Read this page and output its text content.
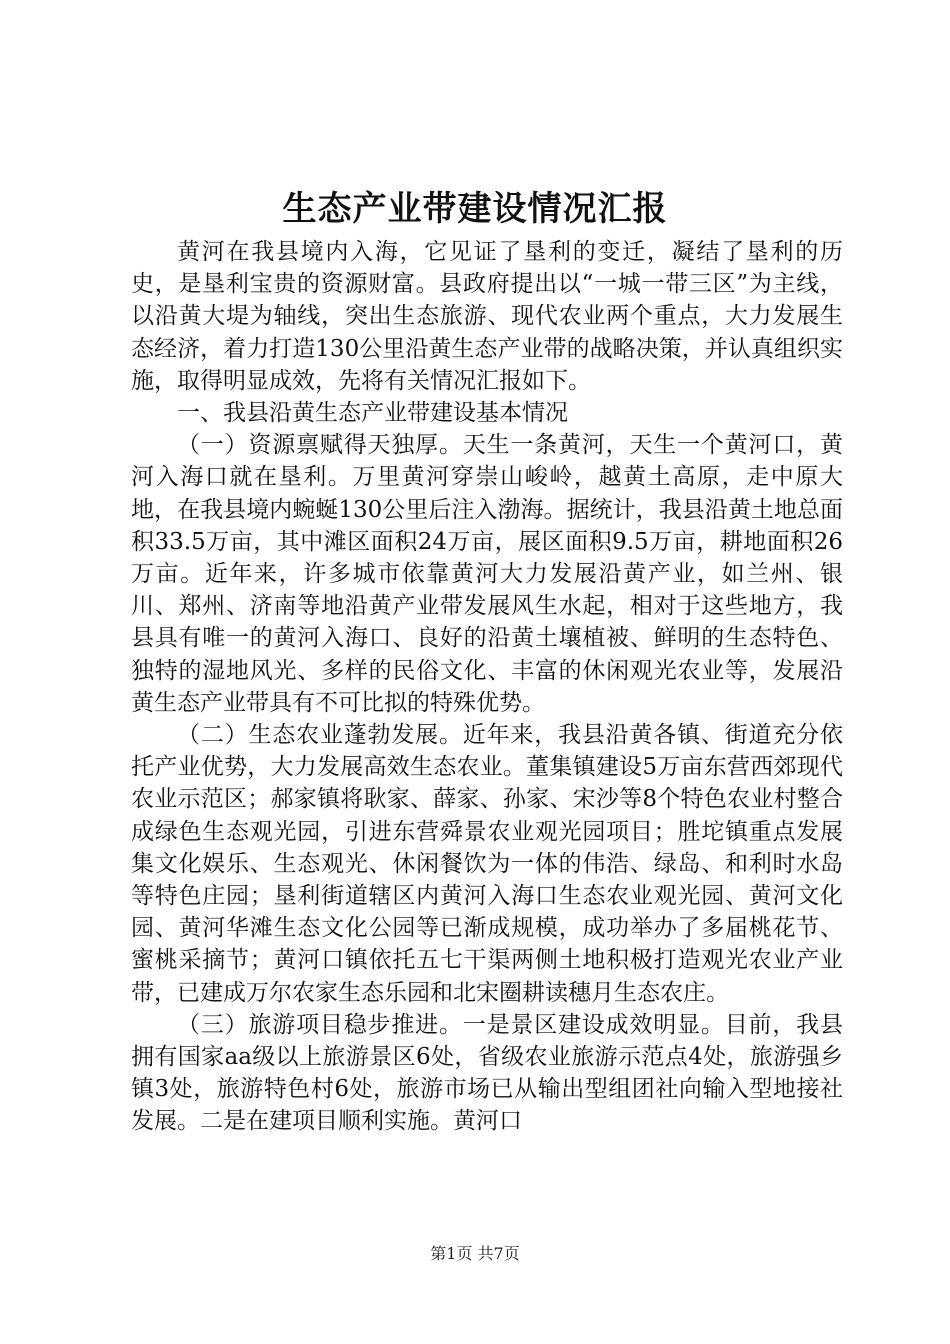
生态产业带建设情况汇报

黄河在我县境内入海，它见证了垦利的变迁，凝结了垦利的历史，是垦利宝贵的资源财富。县政府提出以“一城一带三区”为主线，以沿黄大堤为轴线，突出生态旅游、现代农业两个重点，大力发展生态经济，着力打造130公里沿黄生态产业带的战略决策，并认真组织实施，取得明显成效，先将有关情况汇报如下。

一、我县沿黄生态产业带建设基本情况

（一）资源禀赋得天独厚。天生一条黄河，天生一个黄河口，黄河入海口就在垦利。万里黄河穿崇山峻岭，越黄土高原，走中原大地，在我县境内蜿蜒130公里后注入渤海。据统计，我县沿黄土地总面积33.5万亩，其中滩区面积24万亩，展区面积9.5万亩，耕地面积26万亩。近年来，许多城市依靠黄河大力发展沿黄产业，如兰州、银川、郑州、济南等地沿黄产业带发展风生水起，相对于这些地方，我县具有唯一的黄河入海口、良好的沿黄土壤植被、鲜明的生态特色、独特的湿地风光、多样的民俗文化、丰富的休闲观光农业等，发展沿黄生态产业带具有不可比拟的特殊优势。

（二）生态农业蓬勃发展。近年来，我县沿黄各镇、街道充分依托产业优势，大力发展高效生态农业。董集镇建设5万亩东营西郊现代农业示范区；郝家镇将耿家、薛家、孙家、宋沙等8个特色农业村整合成绿色生态观光园，引进东营舜景农业观光园项目；胜坨镇重点发展集文化娱乐、生态观光、休闲餐饮为一体的伟浩、绿岛、和利时水岛等特色庄园；垦利街道辖区内黄河入海口生态农业观光园、黄河文化园、黄河华滩生态文化公园等已渐成规模，成功举办了多届桃花节、蜜桃采摘节；黄河口镇依托五七干渠两侧土地积极打造观光农业产业带，已建成万尔农家生态乐园和北宋圈耕读穗月生态农庄。

（三）旅游项目稳步推进。一是景区建设成效明显。目前，我县拥有国家aa级以上旅游景区6处，省级农业旅游示范点4处，旅游强乡镇3处，旅游特色村6处，旅游市场已从输出型组团社向输入型地接社发展。二是在建项目顺利实施。黄河口

第1页 共7页
